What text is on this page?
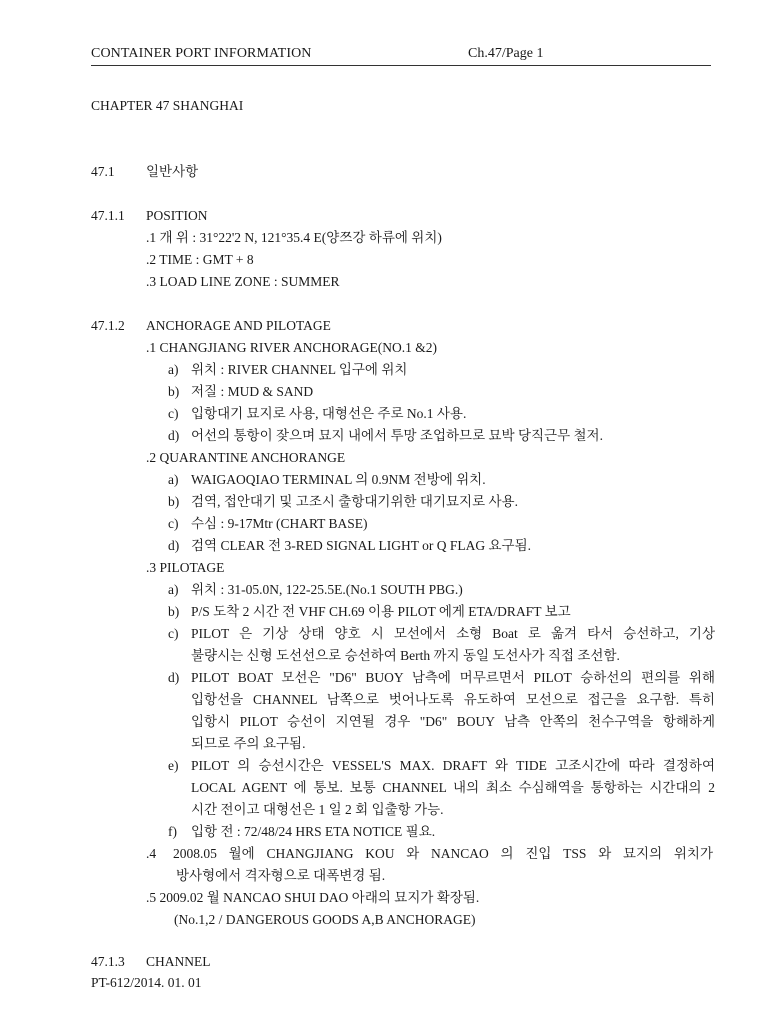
CONTAINER PORT INFORMATION	Ch.47/Page 1
CHAPTER 47 SHANGHAI
47.1 일반사항
47.1.1 POSITION
.1 개 위 : 31°22'2 N, 121°35.4 E(양쯔강 하류에 위치)
.2 TIME : GMT + 8
.3 LOAD LINE ZONE : SUMMER
47.1.2 ANCHORAGE AND PILOTAGE
.1 CHANGJIANG RIVER ANCHORAGE(NO.1 &2)
a) 위치 : RIVER CHANNEL 입구에 위치
b) 저질 : MUD & SAND
c) 입항대기 묘지로 사용, 대형선은 주로 No.1 사용.
d) 어선의 통항이 잦으며 묘지 내에서 투망 조업하므로 묘박 당직근무 철저.
.2 QUARANTINE ANCHORANGE
a) WAIGAOQIAO TERMINAL 의 0.9NM 전방에 위치.
b) 검역, 접안대기 및 고조시 출항대기위한 대기묘지로 사용.
c) 수심 : 9-17Mtr (CHART BASE)
d) 검역 CLEAR 전 3-RED SIGNAL LIGHT or Q FLAG 요구됨.
.3 PILOTAGE
a) 위치 : 31-05.0N, 122-25.5E.(No.1 SOUTH PBG.)
b) P/S 도착 2 시간 전 VHF CH.69 이용 PILOT 에게 ETA/DRAFT 보고
c) PILOT 은 기상 상태 양호 시 모선에서 소형 Boat 로 옮겨 타서 승선하고, 기상
불량시는 신형 도선선으로 승선하여 Berth 까지 동일 도선사가 직접 조선함.
d) PILOT BOAT 모선은 "D6" BUOY 남측에 머무르면서 PILOT 승하선의 편의를 위해
입항선을 CHANNEL 남쪽으로 벗어나도록 유도하여 모선으로 접근을 요구함. 특히
입항시 PILOT 승선이 지연될 경우 "D6" BOUY 남측 안쪽의 천수구역을 항해하게
되므로 주의 요구됨.
e) PILOT 의 승선시간은 VESSEL'S MAX. DRAFT 와 TIDE 고조시간에 따라 결정하여
LOCAL AGENT 에 통보. 보통 CHANNEL 내의 최소 수심해역을 통항하는 시간대의 2
시간 전이고 대형선은 1 일 2 회 입출항 가능.
f) 입항 전 : 72/48/24 HRS ETA NOTICE 필요.
.4 2008.05 월에 CHANGJIANG KOU 와 NANCAO 의 진입 TSS 와 묘지의 위치가
방사형에서 격자형으로 대폭변경 됨.
.5 2009.02 월 NANCAO SHUI DAO 아래의 묘지가 확장됨.
(No.1,2 / DANGEROUS GOODS A,B ANCHORAGE)
47.1.3 CHANNEL
PT-612/2014. 01. 01
